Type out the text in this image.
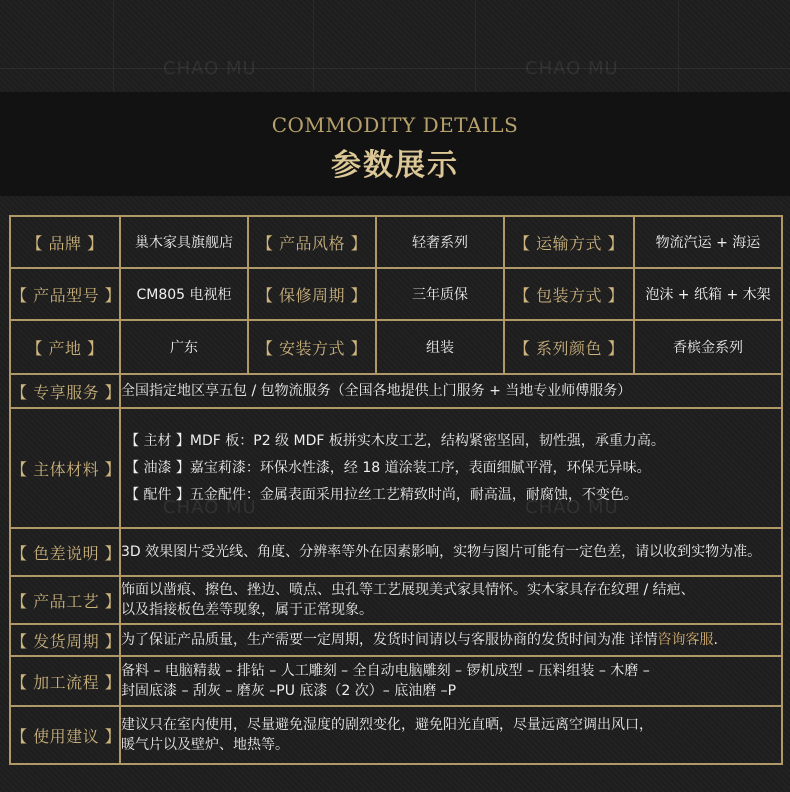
CHAO MU	CHAO MU
COMMODITY DETAILS
参数展示
【 品牌 】	巢木家具旗舰店	【 产品风格 】	轻奢系列	【 运输方式 】	物流汽运 + 海运
【 产品型号 】	CM805 电视柜	【 保修周期 】	三年质保	【 包装方式 】	泡沫 + 纸箱 + 木架
【 产地 】	广东	【 安装方式 】	组装	【 系列颜色 】	香槟金系列
【 专享服务 】	全国指定地区享五包 / 包物流服务（全国各地提供上门服务 + 当地专业师傅服务）				
【 主体材料 】	【 主材 】MDF 板：P2 级 MDF 板拼实木皮工艺，结构紧密坚固，韧性强，承重力高。

【 油漆 】嘉宝莉漆：环保水性漆，经 18 道涂装工序，表面细腻平滑，环保无异味。

【 配件 】五金配件：金属表面采用拉丝工艺精致时尚，耐高温，耐腐蚀，不变色。				

【 色差说明 】	3D 效果图片受光线、角度、分辨率等外在因素影响，实物与图片可能有一定色差，请以收到实物为准。				
【 产品工艺 】	饰面以凿痕、擦色、挫边、喷点、虫孔等工艺展现美式家具情怀。实木家具存在纹理 / 结疤、

以及指接板色差等现象，属于正常现象。				

【 发货周期 】	为了保证产品质量，生产需要一定周期，发货时间请以与客服协商的发货时间为准 详情咨询客服.				
【 加工流程 】	备料 – 电脑精裁 – 排钻 – 人工雕刻 – 全自动电脑雕刻 – 锣机成型 – 压料组装 – 木磨 –

封固底漆 – 刮灰 – 磨灰 –PU 底漆（2 次）– 底油磨 –P				

【 使用建议 】	建议只在室内使用，尽量避免湿度的剧烈变化，避免阳光直晒，尽量远离空调出风口，

暖气片以及壁炉、地热等。				

CHAO MU	CHAO MU
